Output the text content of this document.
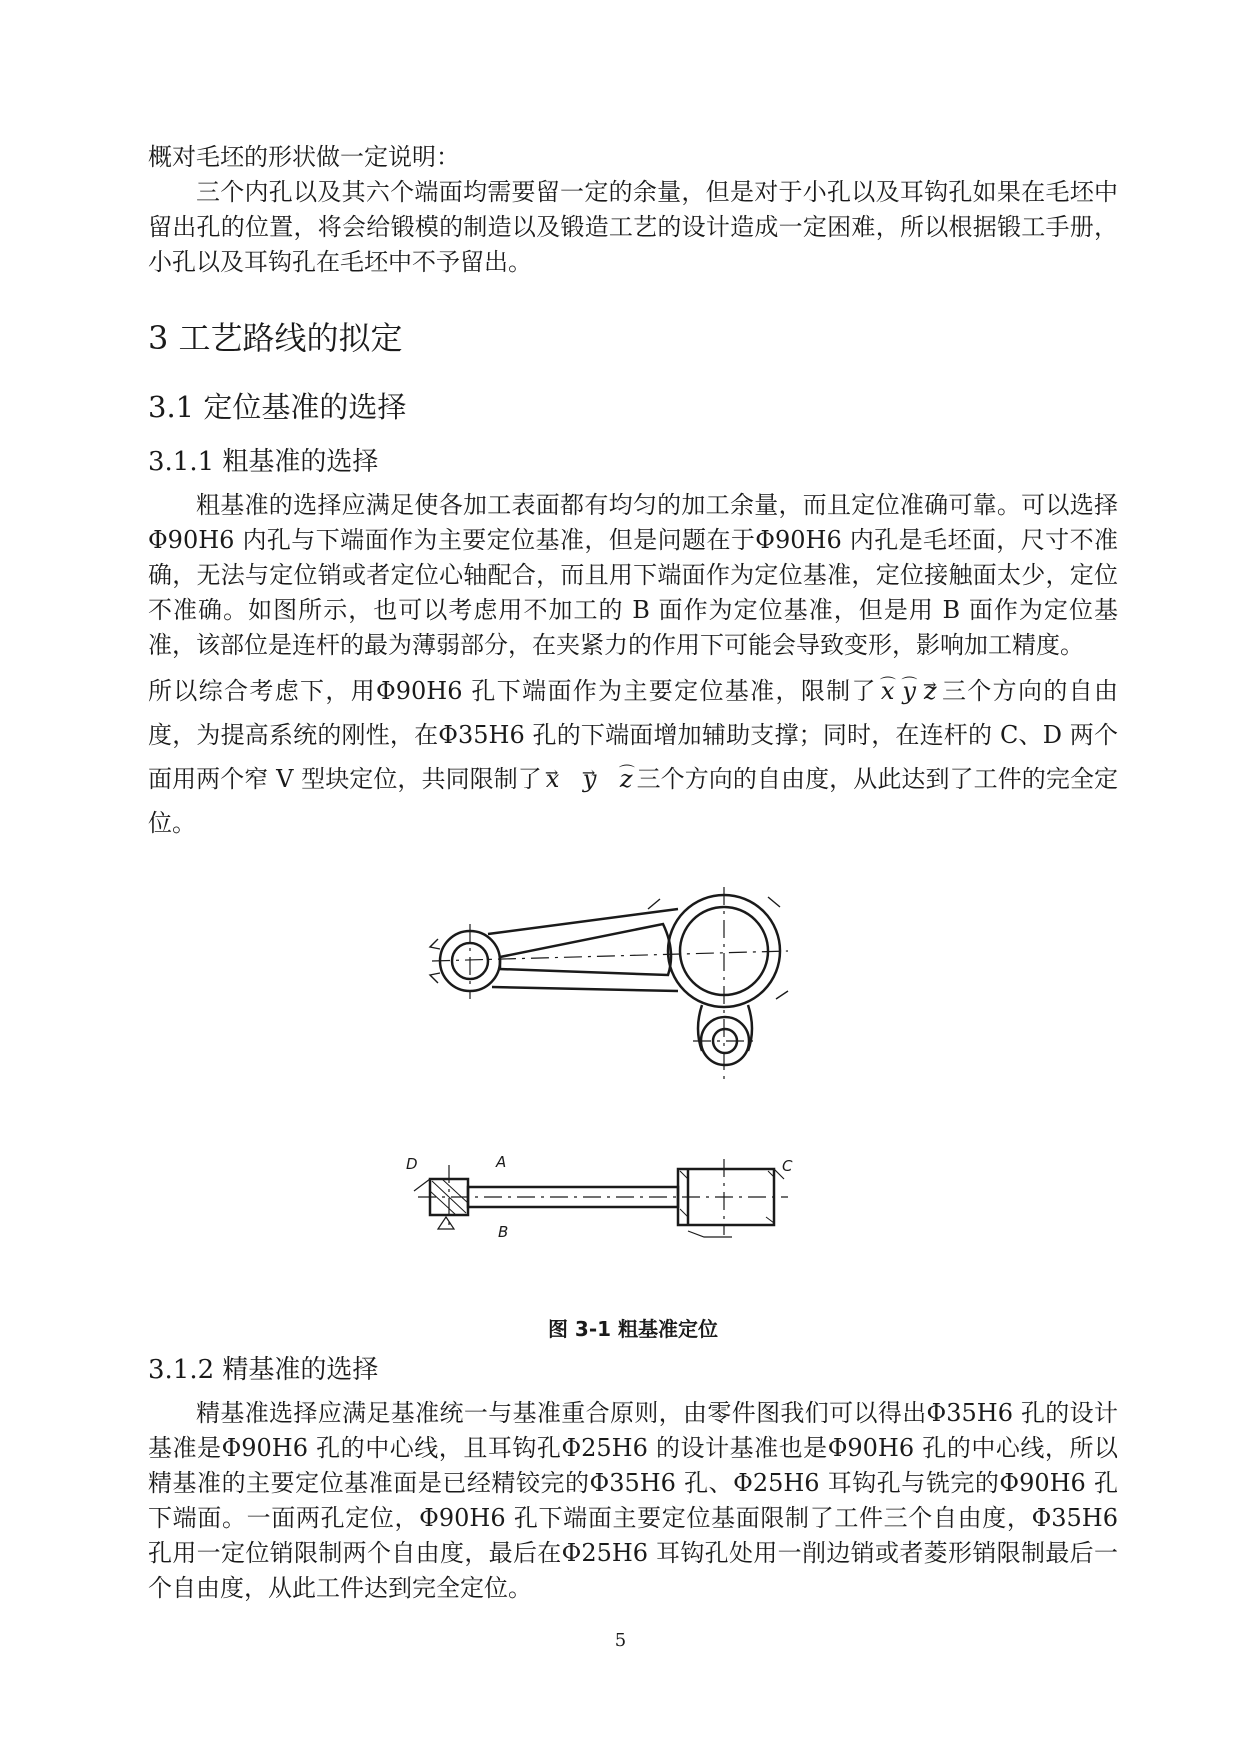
概对毛坯的形状做一定说明：

三个内孔以及其六个端面均需要留一定的余量，但是对于小孔以及耳钩孔如果在毛坯中留出孔的位置，将会给锻模的制造以及锻造工艺的设计造成一定困难，所以根据锻工手册，小孔以及耳钩孔在毛坯中不予留出。

3 工艺路线的拟定
3.1 定位基准的选择
3.1.1 粗基准的选择

粗基准的选择应满足使各加工表面都有均匀的加工余量，而且定位准确可靠。可以选择Φ90H6 内孔与下端面作为主要定位基准，但是问题在于Φ90H6 内孔是毛坯面，尺寸不准确，无法与定位销或者定位心轴配合，而且用下端面作为定位基准，定位接触面太少，定位不准确。如图所示，也可以考虑用不加工的 B 面作为定位基准，但是用 B 面作为定位基准，该部位是连杆的最为薄弱部分，在夹紧力的作用下可能会导致变形，影响加工精度。

所以综合考虑下，用Φ90H6 孔下端面作为主要定位基准，限制了 ⌒ x ⌒ y → z 三个方向的自由度，为提高系统的刚性，在Φ35H6 孔的下端面增加辅助支撑；同时，在连杆的 C、D 两个面用两个窄 V 型块定位，共同限制了 → x → y ⌒ z 三个方向的自由度，从此达到了工件的完全定位。

D	A
B
C
图 3-1 粗基准定位
3.1.2 精基准的选择

精基准选择应满足基准统一与基准重合原则，由零件图我们可以得出Φ35H6 孔的设计基准是Φ90H6 孔的中心线，且耳钩孔Φ25H6 的设计基准也是Φ90H6 孔的中心线，所以精基准的主要定位基准面是已经精铰完的Φ35H6 孔、Φ25H6 耳钩孔与铣完的Φ90H6 孔下端面。一面两孔定位，Φ90H6 孔下端面主要定位基面限制了工件三个自由度，Φ35H6 孔用一定位销限制两个自由度，最后在Φ25H6 耳钩孔处用一削边销或者菱形销限制最后一个自由度，从此工件达到完全定位。

5
